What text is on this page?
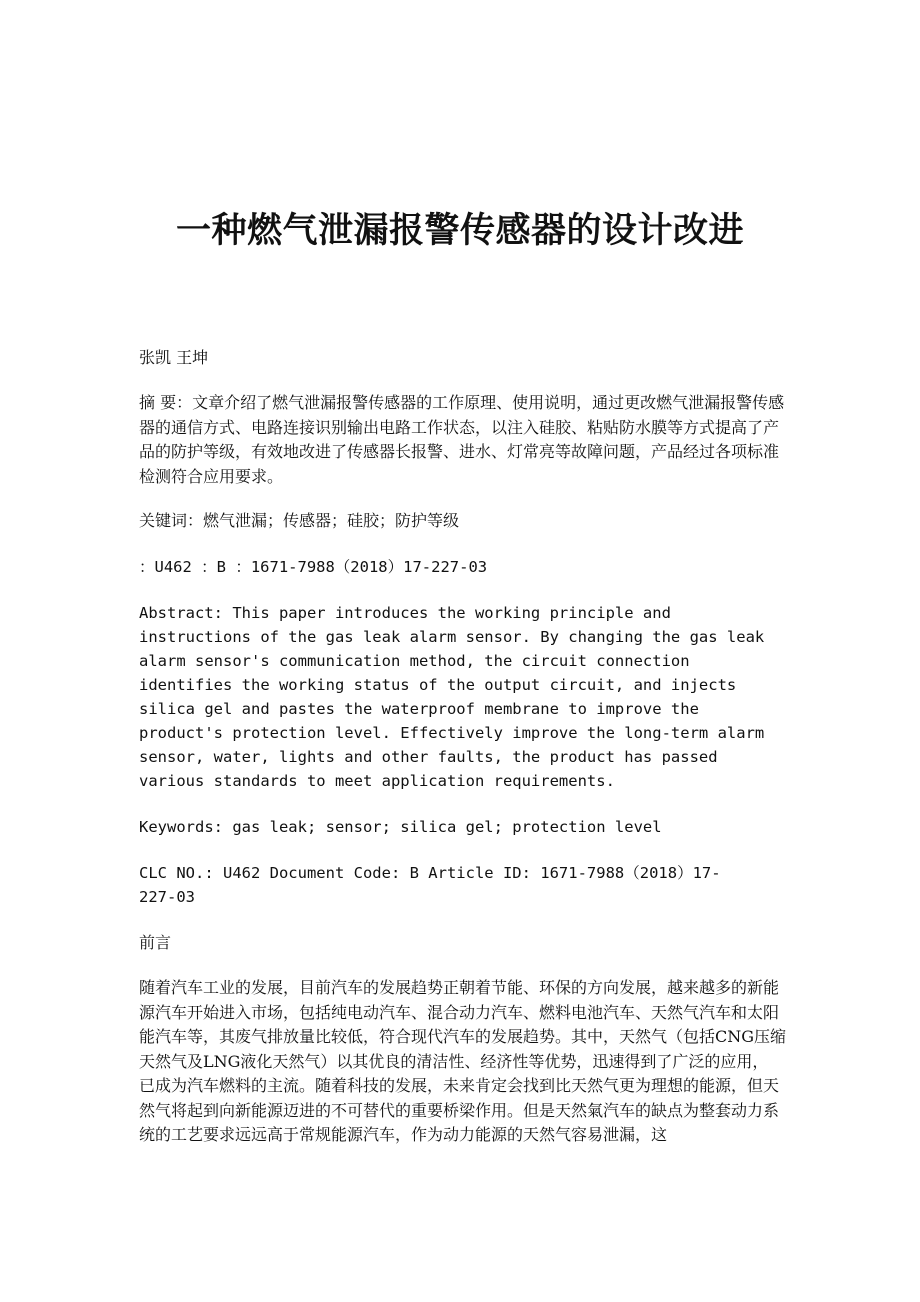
一种燃气泄漏报警传感器的设计改进

张凯 王坤

摘 要：文章介绍了燃气泄漏报警传感器的工作原理、使用说明，通过更改燃气泄漏报警传感器的通信方式、电路连接识别输出电路工作状态，以注入硅胶、粘贴防水膜等方式提高了产品的防护等级，有效地改进了传感器长报警、进水、灯常亮等故障问题，产品经过各项标准检测符合应用要求。

关键词：燃气泄漏；传感器；硅胶；防护等级

：U462 ：B ：1671-7988（2018）17-227-03

Abstract: This paper introduces the working principle and
instructions of the gas leak alarm sensor. By changing the gas leak
alarm sensor's communication method, the circuit connection
identifies the working status of the output circuit, and injects
silica gel and pastes the waterproof membrane to improve the
product's protection level. Effectively improve the long-term alarm
sensor, water, lights and other faults, the product has passed
various standards to meet application requirements.

Keywords: gas leak; sensor; silica gel; protection level

CLC NO.: U462 Document Code: B Article ID: 1671-7988（2018）17-
227-03

前言

随着汽车工业的发展，目前汽车的发展趋势正朝着节能、环保的方向发展，越来越多的新能源汽车开始进入市场，包括纯电动汽车、混合动力汽车、燃料电池汽车、天然气汽车和太阳能汽车等，其废气排放量比较低，符合现代汽车的发展趋势。其中，天然气（包括CNG压缩天然气及LNG液化天然气）以其优良的清洁性、经济性等优势，迅速得到了广泛的应用， 已成为汽车燃料的主流。随着科技的发展，未来肯定会找到比天然气更为理想的能源，但天然气将起到向新能源迈进的不可替代的重要桥梁作用。但是天然氣汽车的缺点为整套动力系统的工艺要求远远高于常规能源汽车，作为动力能源的天然气容易泄漏，这
